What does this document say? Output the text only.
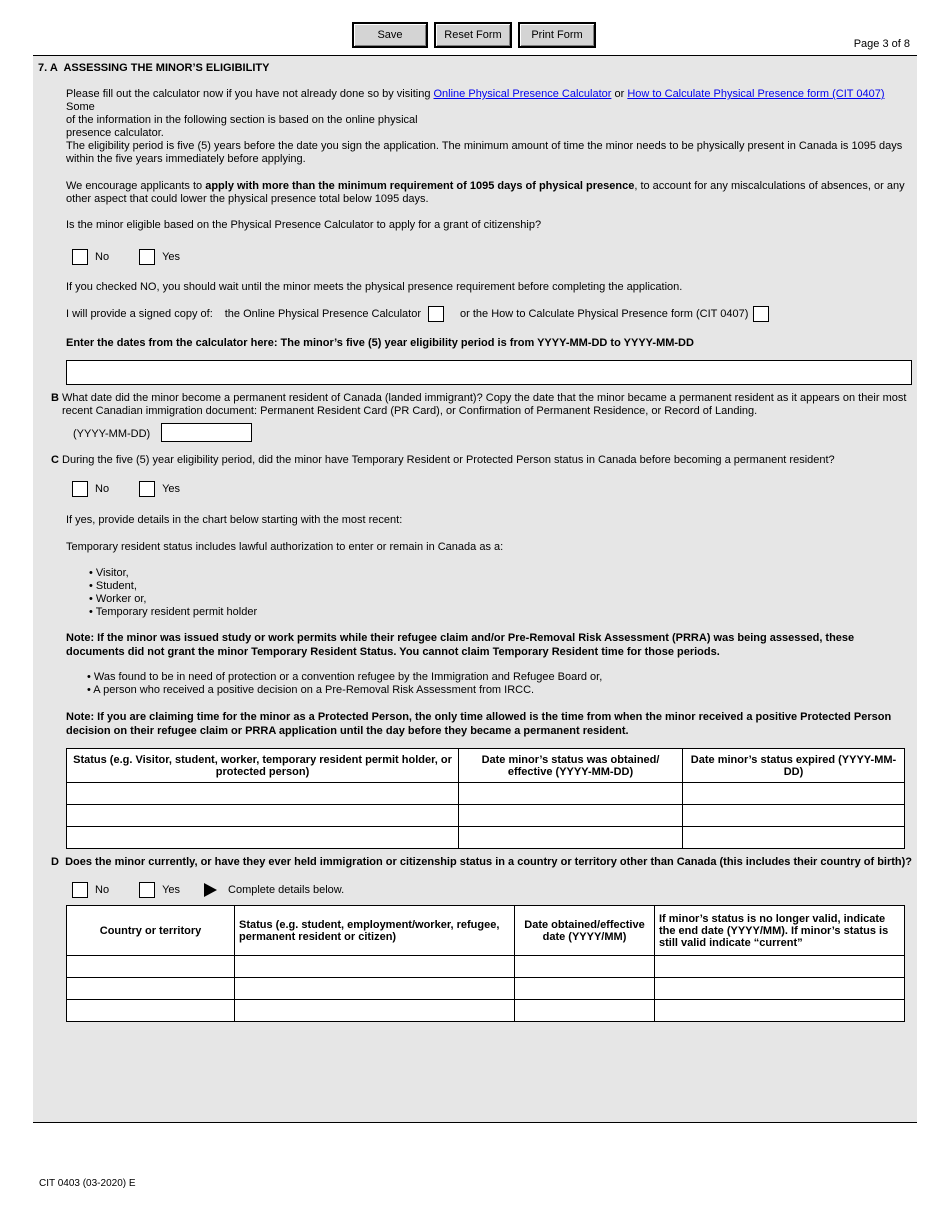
Save	Reset Form	Print Form
Page 3 of 8
7. A ASSESSING THE MINOR’S ELIGIBILITY
Please fill out the calculator now if you have not already done so by visiting Online Physical Presence Calculator or How to Calculate Physical Presence form (CIT 0407) Some
of the information in the following section is based on the online physical
presence calculator.

The eligibility period is five (5) years before the date you sign the application. The minimum amount of time the minor needs to be physically present in Canada is 1095 days within the five years immediately before applying.

We encourage applicants to apply with more than the minimum requirement of 1095 days of physical presence, to account for any miscalculations of absences, or any other aspect that could lower the physical presence total below 1095 days.

Is the minor eligible based on the Physical Presence Calculator to apply for a grant of citizenship?

No	Yes

If you checked NO, you should wait until the minor meets the physical presence requirement before completing the application.

I will provide a signed copy of: the Online Physical Presence Calculator	or the How to Calculate Physical Presence form (CIT 0407)

Enter the dates from the calculator here: The minor’s five (5) year eligibility period is from YYYY-MM-DD to YYYY-MM-DD

B What date did the minor become a permanent resident of Canada (landed immigrant)? Copy the date that the minor became a permanent resident as it appears on their most
recent Canadian immigration document: Permanent Resident Card (PR Card), or Confirmation of Permanent Residence, or Record of Landing.
(YYYY-MM-DD)
C During the five (5) year eligibility period, did the minor have Temporary Resident or Protected Person status in Canada before becoming a permanent resident?
No	Yes

If yes, provide details in the chart below starting with the most recent:

Temporary resident status includes lawful authorization to enter or remain in Canada as a:

• Visitor,
• Student,
• Worker or,
• Temporary resident permit holder

Note: If the minor was issued study or work permits while their refugee claim and/or Pre-Removal Risk Assessment (PRRA) was being assessed, these documents did not grant the minor Temporary Resident Status. You cannot claim Temporary Resident time for those periods.

• Was found to be in need of protection or a convention refugee by the Immigration and Refugee Board or,
• A person who received a positive decision on a Pre-Removal Risk Assessment from IRCC.

Note: If you are claiming time for the minor as a Protected Person, the only time allowed is the time from when the minor received a positive Protected Person decision on their refugee claim or PRRA application until the day before they became a permanent resident.

Status (e.g. Visitor, student, worker, temporary resident permit holder, or protected person)	Date minor’s status was obtained/ effective (YYYY-MM-DD)	Date minor’s status expired (YYYY-MM-DD)

D Does the minor currently, or have they ever held immigration or citizenship status in a country or territory other than Canada (this includes their country of birth)?
No	Yes	Complete details below.
Country or territory	Status (e.g. student, employment/worker, refugee, permanent resident or citizen)	Date obtained/effective date (YYYY/MM)	If minor’s status is no longer valid, indicate the end date (YYYY/MM). If minor’s status is still valid indicate “current”

CIT 0403 (03-2020) E
